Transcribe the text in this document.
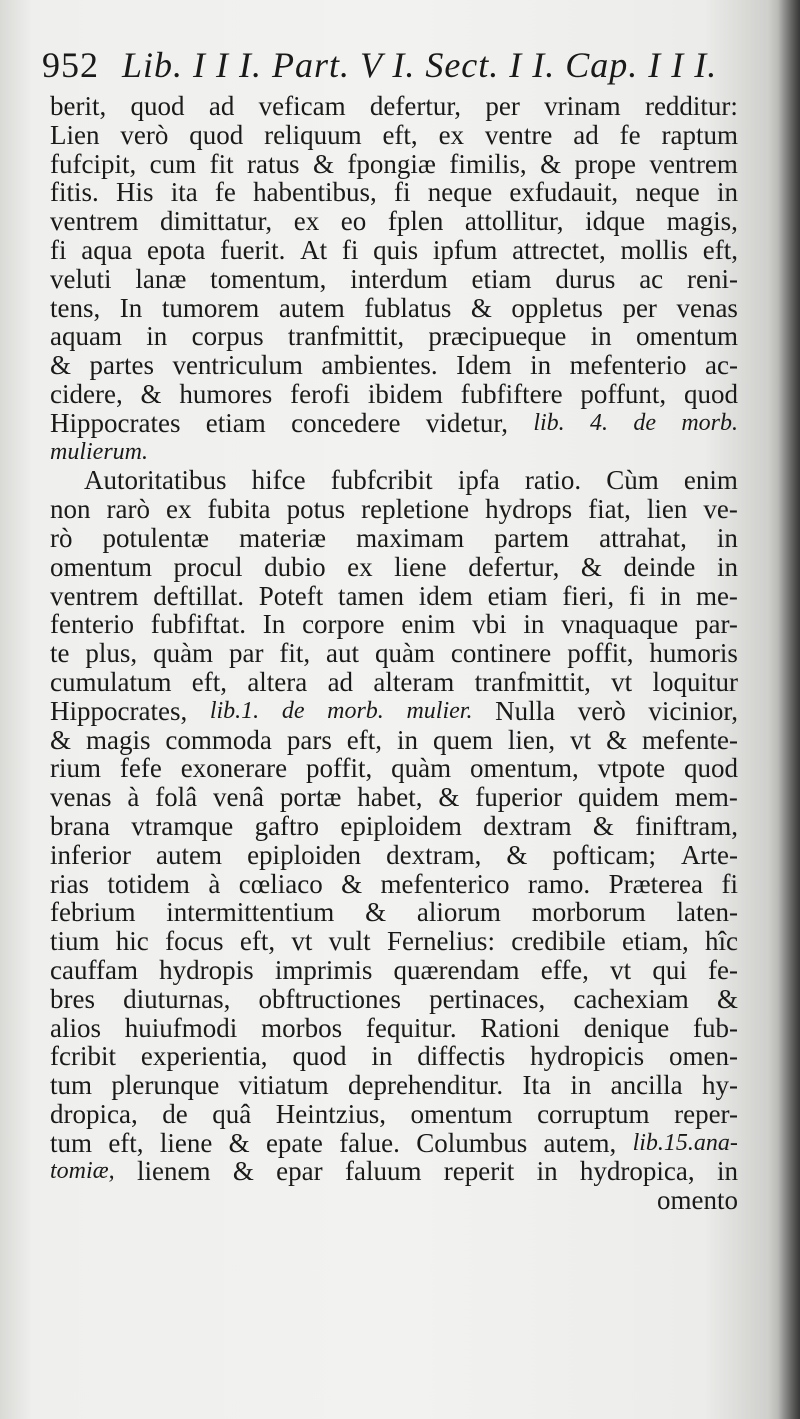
952 Lib. I I I. Part. V I. Sect. I I. Cap. I I I.
berit, quod ad veficam defertur, per vrinam redditur:
Lien verò quod reliquum eft, ex ventre ad fe raptum
fufcipit, cum fit ratus & fpongiæ fimilis, & prope ventrem
fitis. His ita fe habentibus, fi neque exfudauit, neque in
ventrem dimittatur, ex eo fplen attollitur, idque magis,
fi aqua epota fuerit. At fi quis ipfum attrectet, mollis eft,
veluti lanæ tomentum, interdum etiam durus ac reni-
tens, In tumorem autem fublatus & oppletus per venas
aquam in corpus tranfmittit, præcipueque in omentum
& partes ventriculum ambientes. Idem in mefenterio ac-
cidere, & humores ferofi ibidem fubfiftere poffunt, quod
Hippocrates etiam concedere videtur, lib. 4. de morb.
mulierum.
Autoritatibus hifce fubfcribit ipfa ratio. Cùm enim
non rarò ex fubita potus repletione hydrops fiat, lien ve-
rò potulentæ materiæ maximam partem attrahat, in
omentum procul dubio ex liene defertur, & deinde in
ventrem deftillat. Poteft tamen idem etiam fieri, fi in me-
fenterio fubfiftat. In corpore enim vbi in vnaquaque par-
te plus, quàm par fit, aut quàm continere poffit, humoris
cumulatum eft, altera ad alteram tranfmittit, vt loquitur
Hippocrates, lib.1. de morb. mulier. Nulla verò vicinior,
& magis commoda pars eft, in quem lien, vt & mefente-
rium fefe exonerare poffit, quàm omentum, vtpote quod
venas à folâ venâ portæ habet, & fuperior quidem mem-
brana vtramque gaftro epiploidem dextram & finiftram,
inferior autem epiploiden dextram, & pofticam; Arte-
rias totidem à cœliaco & mefenterico ramo. Præterea fi
febrium intermittentium & aliorum morborum laten-
tium hic focus eft, vt vult Fernelius: credibile etiam, hîc
cauffam hydropis imprimis quærendam effe, vt qui fe-
bres diuturnas, obftructiones pertinaces, cachexiam &
alios huiufmodi morbos fequitur. Rationi denique fub-
fcribit experientia, quod in diffectis hydropicis omen-
tum plerunque vitiatum deprehenditur. Ita in ancilla hy-
dropica, de quâ Heintzius, omentum corruptum reper-
tum eft, liene & epate falue. Columbus autem, lib.15.ana-
tomiæ, lienem & epar faluum reperit in hydropica, in
omento
